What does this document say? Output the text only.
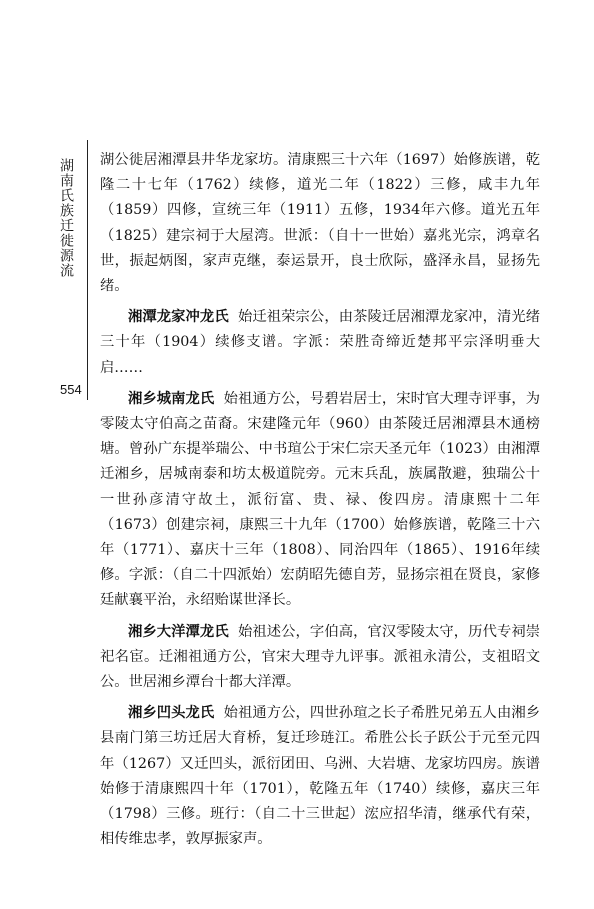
湖南氏族迁徙源流
554

湖公徙居湘潭县井华龙家坊。清康熙三十六年（1697）始修族谱，乾隆二十七年（1762）续修，道光二年（1822）三修，咸丰九年（1859）四修，宣统三年（1911）五修，1934年六修。道光五年（1825）建宗祠于大屋湾。世派：（自十一世始）嘉兆光宗，鸿章名世，振起炳图，家声克继，泰运景开，良士欣际，盛泽永昌，显扬先绪。

湘潭龙家冲龙氏 始迁祖荣宗公，由茶陵迁居湘潭龙家冲，清光绪三十年（1904）续修支谱。字派：荣胜奇缔近楚邦平宗泽明垂大启……

湘乡城南龙氏 始祖通方公，号碧岩居士，宋时官大理寺评事，为零陵太守伯高之苗裔。宋建隆元年（960）由茶陵迁居湘潭县木通榜塘。曾孙广东提举瑞公、中书瑄公于宋仁宗天圣元年（1023）由湘潭迁湘乡，居城南泰和坊太极道院旁。元末兵乱，族属散避，独瑞公十一世孙彦清守故土，派衍富、贵、禄、俊四房。清康熙十二年（1673）创建宗祠，康熙三十九年（1700）始修族谱，乾隆三十六年（1771）、嘉庆十三年（1808）、同治四年（1865）、1916年续修。字派：（自二十四派始）宏荫昭先德自芳，显扬宗祖在贤良，家修廷献襄平治，永绍贻谋世泽长。

湘乡大洋潭龙氏 始祖述公，字伯高，官汉零陵太守，历代专祠崇祀名宦。迁湘祖通方公，官宋大理寺九评事。派祖永清公，支祖昭文公。世居湘乡潭台十都大洋潭。

湘乡凹头龙氏 始祖通方公，四世孙瑄之长子希胜兄弟五人由湘乡县南门第三坊迁居大育桥，复迁珍琏江。希胜公长子跃公于元至元四年（1267）又迁凹头，派衍团田、乌洲、大岩塘、龙家坊四房。族谱始修于清康熙四十年（1701），乾隆五年（1740）续修，嘉庆三年（1798）三修。班行：（自二十三世起）浤应招华清，继承代有荣，相传维忠孝，敦厚振家声。
